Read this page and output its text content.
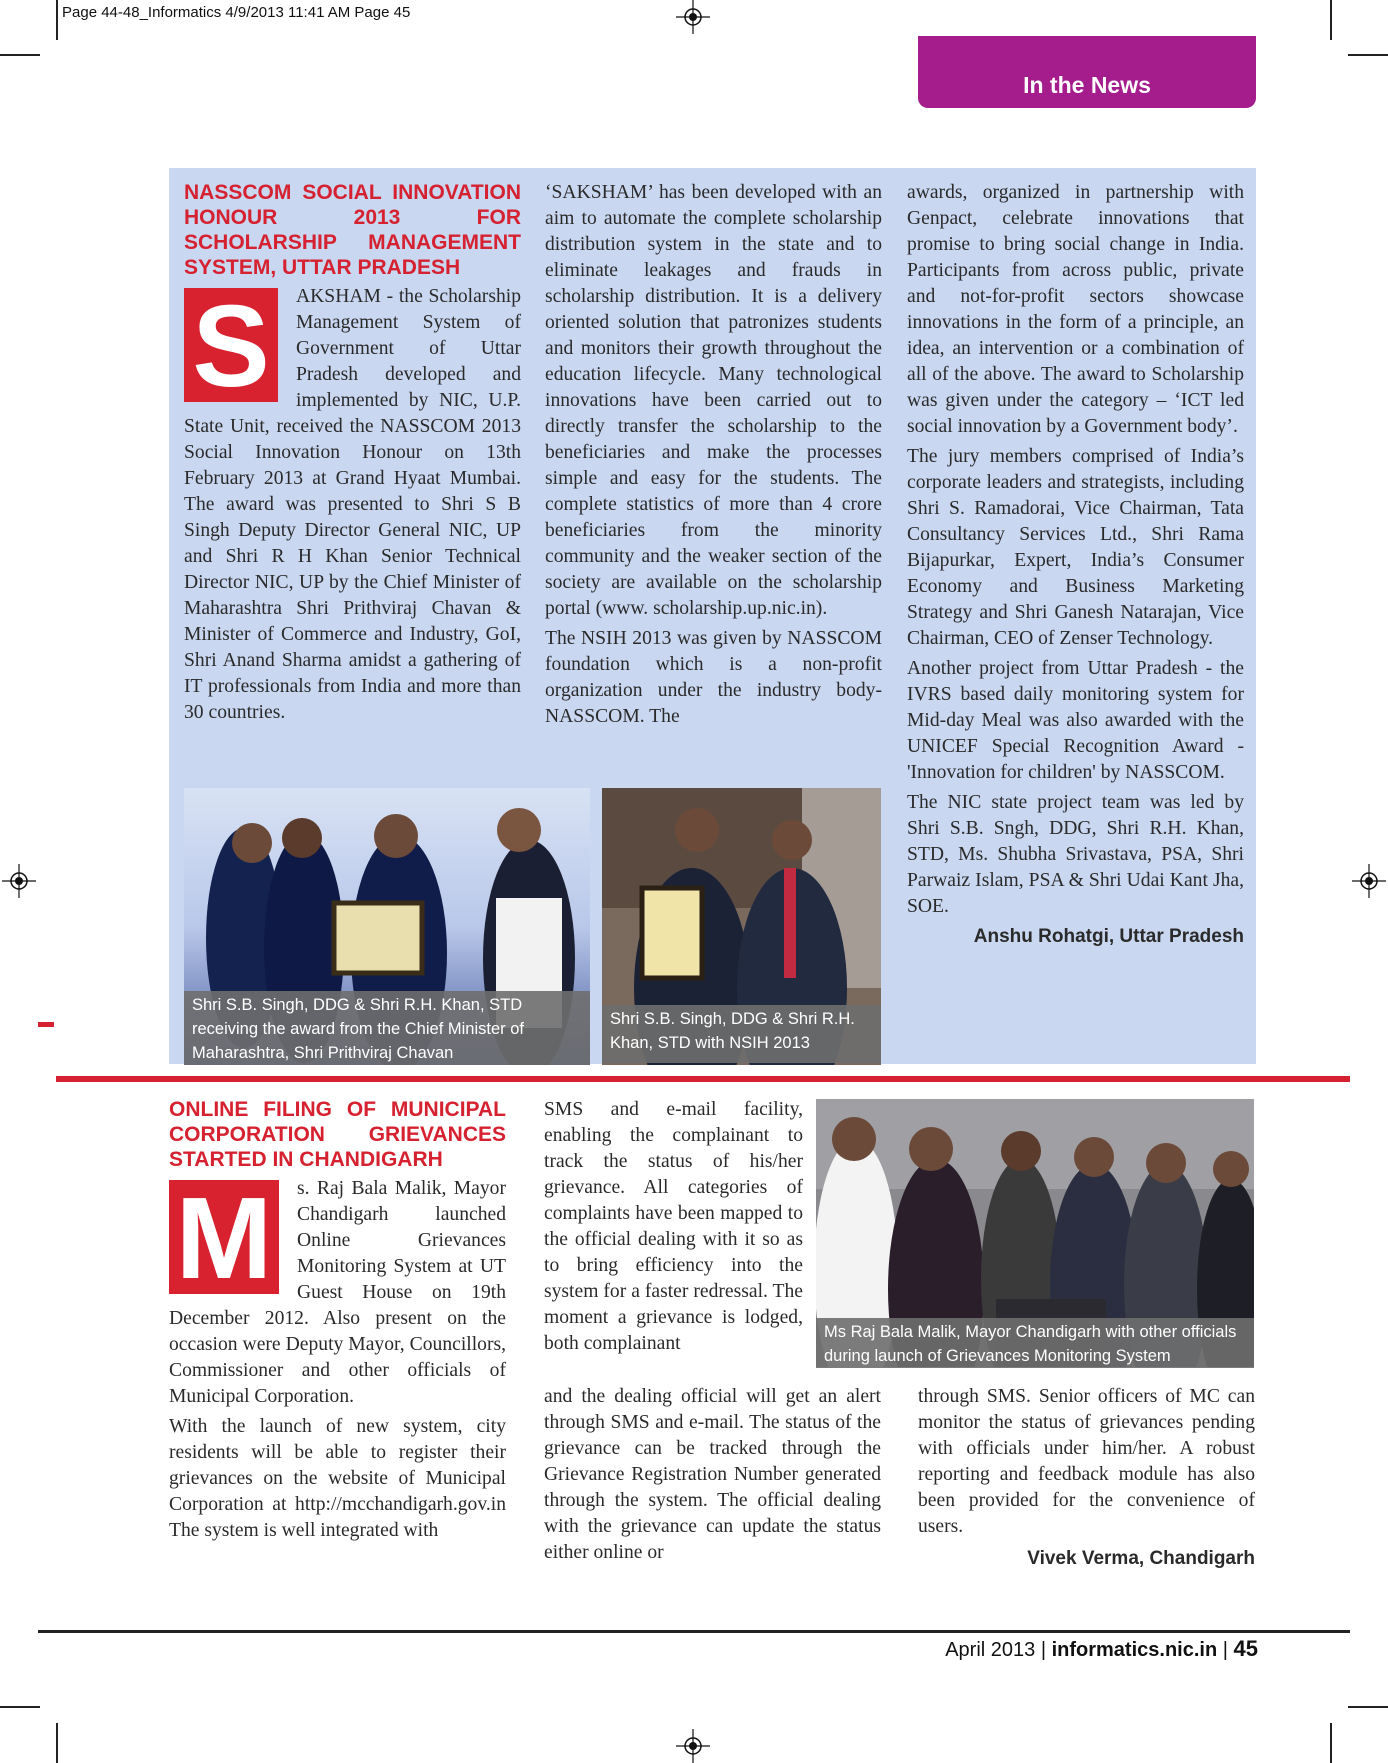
Page 44-48_Informatics 4/9/2013 11:41 AM Page 45
In the News
NASSCOM SOCIAL INNOVATION HONOUR 2013 FOR SCHOLARSHIP MANAGEMENT SYSTEM, UTTAR PRADESH
S	AKSHAM - the Scholarship Management System of Government of Uttar Pradesh developed and implemented by NIC, U.P. State Unit, received the NASSCOM 2013 Social Innovation Honour on 13th February 2013 at Grand Hyaat Mumbai. The award was presented to Shri S B Singh Deputy Director General NIC, UP and Shri R H Khan Senior Technical Director NIC, UP by the Chief Minister of Maharashtra Shri Prithviraj Chavan & Minister of Commerce and Industry, GoI, Shri Anand Sharma amidst a gathering of IT professionals from India and more than 30 countries.

‘SAKSHAM’ has been developed with an aim to automate the complete scholarship distribution system in the state and to eliminate leakages and frauds in scholarship distribution. It is a delivery oriented solution that patronizes students and monitors their growth throughout the education lifecycle. Many technological innovations have been carried out to directly transfer the scholarship to the beneficiaries and make the processes simple and easy for the students. The complete statistics of more than 4 crore beneficiaries from the minority community and the weaker section of the society are available on the scholarship portal (www. scholarship.up.nic.in).

The NSIH 2013 was given by NASSCOM foundation which is a non-profit organization under the industry body- NASSCOM. The

awards, organized in partnership with Genpact, celebrate innovations that promise to bring social change in India. Participants from across public, private and not-for-profit sectors showcase innovations in the form of a principle, an idea, an intervention or a combination of all of the above. The award to Scholarship was given under the category – ‘ICT led social innovation by a Government body’.

The jury members comprised of India’s corporate leaders and strategists, including Shri S. Ramadorai, Vice Chairman, Tata Consultancy Services Ltd., Shri Rama Bijapurkar, Expert, India’s Consumer Economy and Business Marketing Strategy and Shri Ganesh Natarajan, Vice Chairman, CEO of Zenser Technology.

Another project from Uttar Pradesh - the IVRS based daily monitoring system for Mid-day Meal was also awarded with the UNICEF Special Recognition Award - 'Innovation for children' by NASSCOM.

The NIC state project team was led by Shri S.B. Sngh, DDG, Shri R.H. Khan, STD, Ms. Shubha Srivastava, PSA, Shri Parwaiz Islam, PSA & Shri Udai Kant Jha, SOE.

Anshu Rohatgi, Uttar Pradesh
Shri S.B. Singh, DDG & Shri R.H. Khan, STD receiving the award from the Chief Minister of Maharashtra, Shri Prithviraj Chavan
Shri S.B. Singh, DDG & Shri R.H. Khan, STD with NSIH 2013
ONLINE FILING OF MUNICIPAL CORPORATION GRIEVANCES STARTED IN CHANDIGARH
M	s. Raj Bala Malik, Mayor Chandigarh launched Online Grievances Monitoring System at UT Guest House on 19th December 2012. Also present on the occasion were Deputy Mayor, Councillors, Commissioner and other officials of Municipal Corporation.

With the launch of new system, city residents will be able to register their grievances on the website of Municipal Corporation at http://mcchandigarh.gov.in The system is well integrated with

SMS and e-mail facility, enabling the complainant to track the status of his/her grievance. All categories of complaints have been mapped to the official dealing with it so as to bring efficiency into the system for a faster redressal. The moment a grievance is lodged, both complainant

and the dealing official will get an alert through SMS and e-mail. The status of the grievance can be tracked through the Grievance Registration Number generated through the system. The official dealing with the grievance can update the status either online or

Ms Raj Bala Malik, Mayor Chandigarh with other officials during launch of Grievances Monitoring System

through SMS. Senior officers of MC can monitor the status of grievances pending with officials under him/her. A robust reporting and feedback module has also been provided for the convenience of users.

Vivek Verma, Chandigarh
April 2013 | informatics.nic.in | 45
